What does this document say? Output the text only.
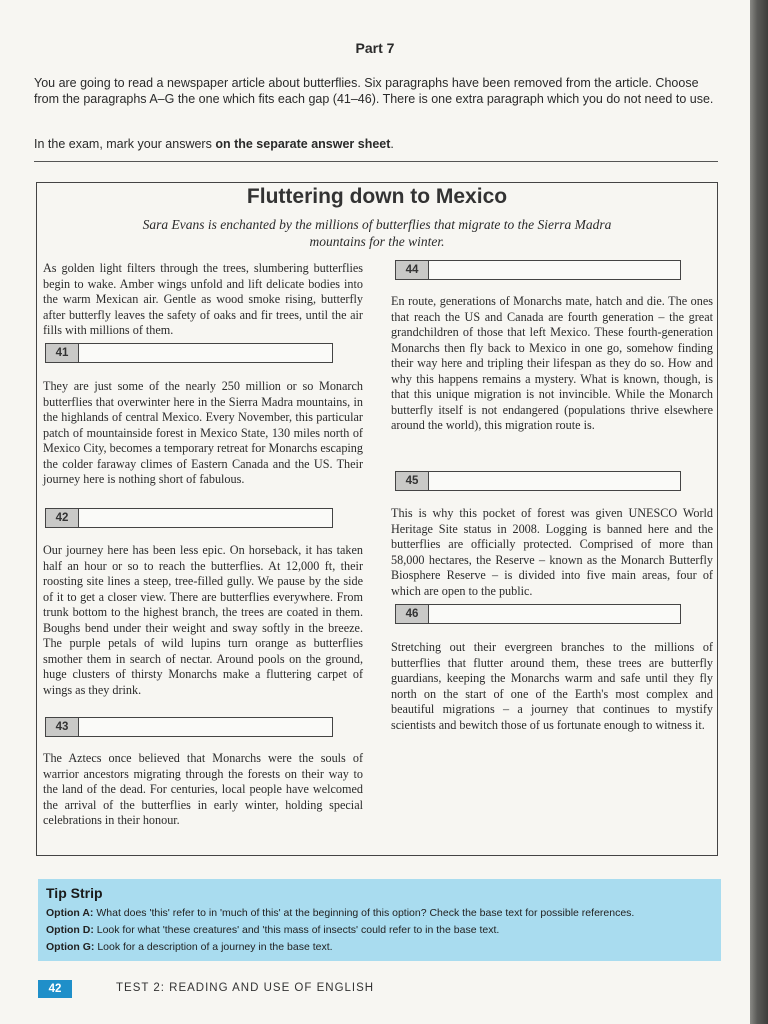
Part 7
You are going to read a newspaper article about butterflies. Six paragraphs have been removed from the article. Choose from the paragraphs A–G the one which fits each gap (41–46). There is one extra paragraph which you do not need to use.
In the exam, mark your answers on the separate answer sheet.
Fluttering down to Mexico
Sara Evans is enchanted by the millions of butterflies that migrate to the Sierra Madra mountains for the winter.
As golden light filters through the trees, slumbering butterflies begin to wake. Amber wings unfold and lift delicate bodies into the warm Mexican air. Gentle as wood smoke rising, butterfly after butterfly leaves the safety of oaks and fir trees, until the air fills with millions of them.
41
They are just some of the nearly 250 million or so Monarch butterflies that overwinter here in the Sierra Madra mountains, in the highlands of central Mexico. Every November, this particular patch of mountainside forest in Mexico State, 130 miles north of Mexico City, becomes a temporary retreat for Monarchs escaping the colder faraway climes of Eastern Canada and the US. Their journey here is nothing short of fabulous.
42
Our journey here has been less epic. On horseback, it has taken half an hour or so to reach the butterflies. At 12,000 ft, their roosting site lines a steep, tree-filled gully. We pause by the side of it to get a closer view. There are butterflies everywhere. From trunk bottom to the highest branch, the trees are coated in them. Boughs bend under their weight and sway softly in the breeze. The purple petals of wild lupins turn orange as butterflies smother them in search of nectar. Around pools on the ground, huge clusters of thirsty Monarchs make a fluttering carpet of wings as they drink.
43
The Aztecs once believed that Monarchs were the souls of warrior ancestors migrating through the forests on their way to the land of the dead. For centuries, local people have welcomed the arrival of the butterflies in early winter, holding special celebrations in their honour.
44
En route, generations of Monarchs mate, hatch and die. The ones that reach the US and Canada are fourth generation – the great grandchildren of those that left Mexico. These fourth-generation Monarchs then fly back to Mexico in one go, somehow finding their way here and tripling their lifespan as they do so. How and why this happens remains a mystery. What is known, though, is that this unique migration is not invincible. While the Monarch butterfly itself is not endangered (populations thrive elsewhere around the world), this migration route is.
45
This is why this pocket of forest was given UNESCO World Heritage Site status in 2008. Logging is banned here and the butterflies are officially protected. Comprised of more than 58,000 hectares, the Reserve – known as the Monarch Butterfly Biosphere Reserve – is divided into five main areas, four of which are open to the public.
46
Stretching out their evergreen branches to the millions of butterflies that flutter around them, these trees are butterfly guardians, keeping the Monarchs warm and safe until they fly north on the start of one of the Earth's most complex and beautiful migrations – a journey that continues to mystify scientists and bewitch those of us fortunate enough to witness it.
Tip Strip
Option A: What does 'this' refer to in 'much of this' at the beginning of this option? Check the base text for possible references.
Option D: Look for what 'these creatures' and 'this mass of insects' could refer to in the base text.
Option G: Look for a description of a journey in the base text.
42	TEST 2: READING AND USE OF ENGLISH
